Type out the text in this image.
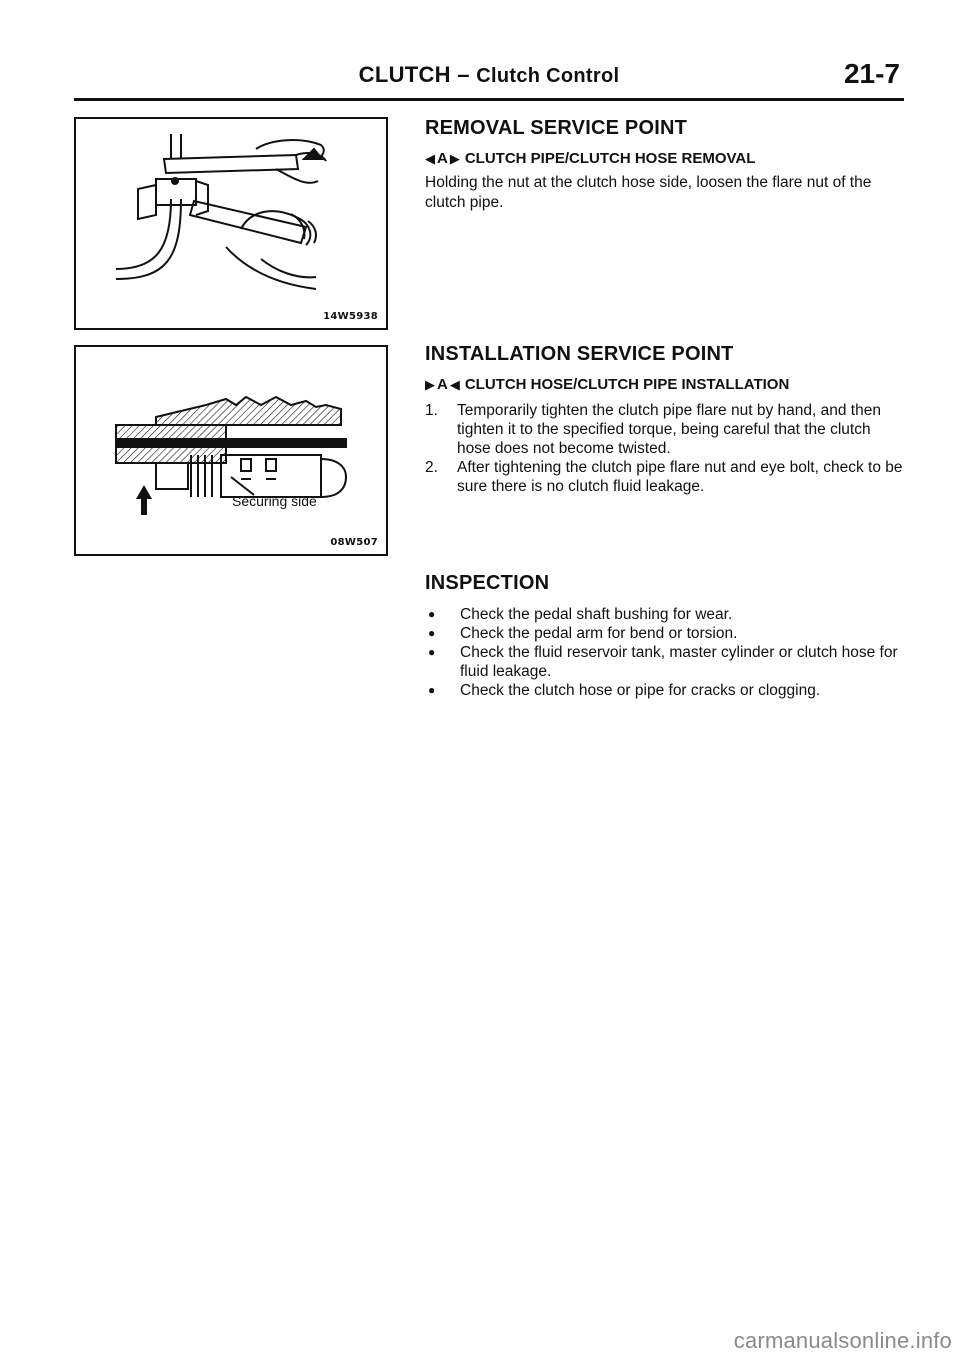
CLUTCH – Clutch Control	21-7
14W5938
Securing side
08W507
REMOVAL SERVICE POINT
◀ A ▶ CLUTCH PIPE/CLUTCH HOSE REMOVAL
Holding the nut at the clutch hose side, loosen the flare nut of the clutch pipe.
INSTALLATION SERVICE POINT
▶ A ◀ CLUTCH HOSE/CLUTCH PIPE INSTALLATION
1.	Temporarily tighten the clutch pipe flare nut by hand, and then tighten it to the specified torque, being careful that the clutch hose does not become twisted.
2.	After tightening the clutch pipe flare nut and eye bolt, check to be sure there is no clutch fluid leakage.
INSPECTION
●	Check the pedal shaft bushing for wear.
●	Check the pedal arm for bend or torsion.
●	Check the fluid reservoir tank, master cylinder or clutch hose for fluid leakage.
●	Check the clutch hose or pipe for cracks or clogging.
carmanualsonline.info
